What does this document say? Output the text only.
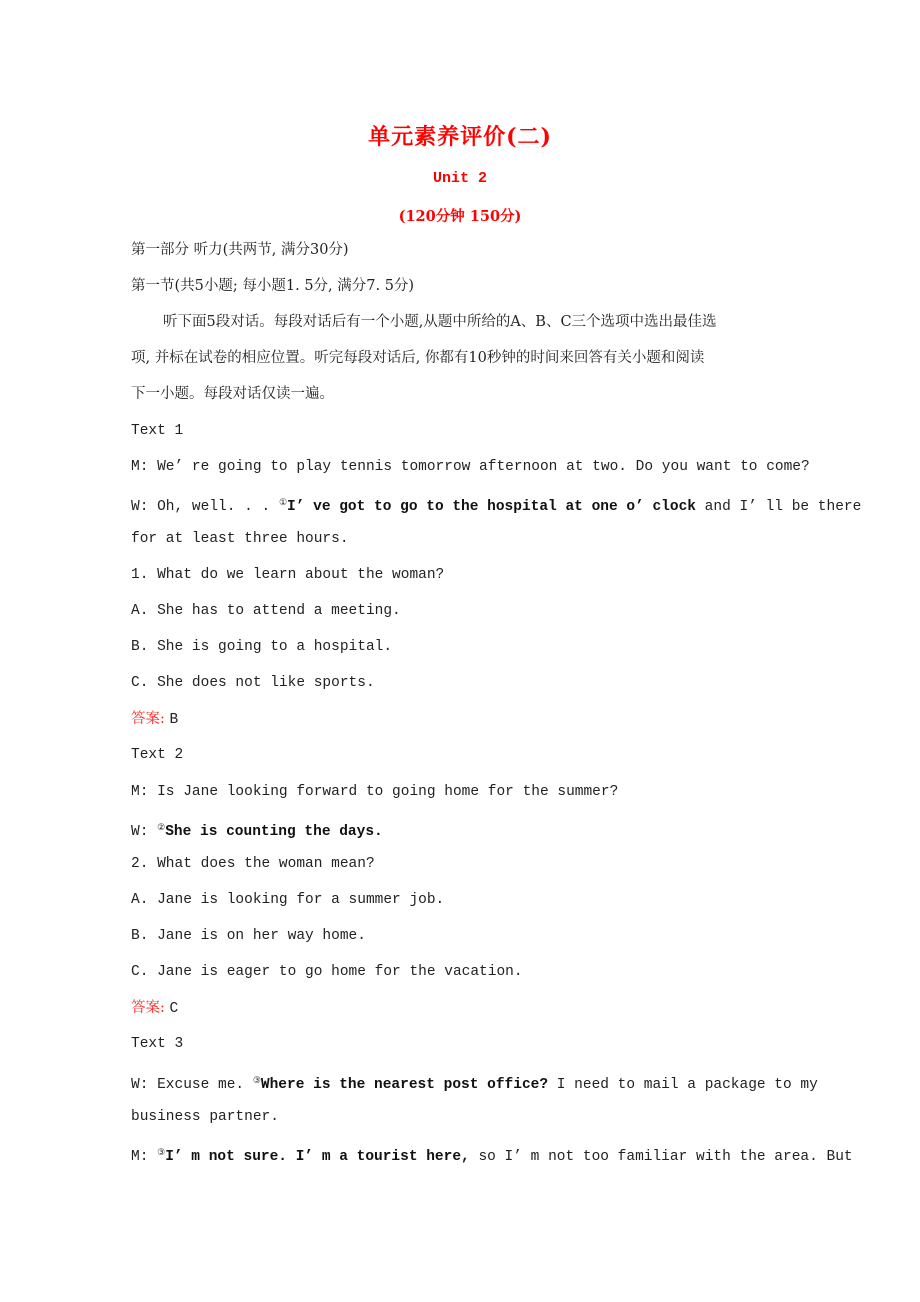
单元素养评价(二)
Unit 2
(120分钟 150分)
第一部分 听力(共两节, 满分30分)
第一节(共5小题; 每小题1. 5分, 满分7. 5分)
听下面5段对话。每段对话后有一个小题,从题中所给的A、B、C三个选项中选出最佳选
项, 并标在试卷的相应位置。听完每段对话后, 你都有10秒钟的时间来回答有关小题和阅读
下一小题。每段对话仅读一遍。
Text 1
M: We’ re going to play tennis tomorrow afternoon at two. Do you want to come?
W: Oh, well. . . ①I’ ve got to go to the hospital at one o’ clock and I’ ll be there
for at least three hours.
1. What do we learn about the woman?
A. She has to attend a meeting.
B. She is going to a hospital.
C. She does not like sports.
答案: B
Text 2
M: Is Jane looking forward to going home for the summer?
W: ②She is counting the days.
2. What does the woman mean?
A. Jane is looking for a summer job.
B. Jane is on her way home.
C. Jane is eager to go home for the vacation.
答案: C
Text 3
W: Excuse me. ③Where is the nearest post office? I need to mail a package to my
business partner.
M: ③I’ m not sure. I’ m a tourist here, so I’ m not too familiar with the area. But
